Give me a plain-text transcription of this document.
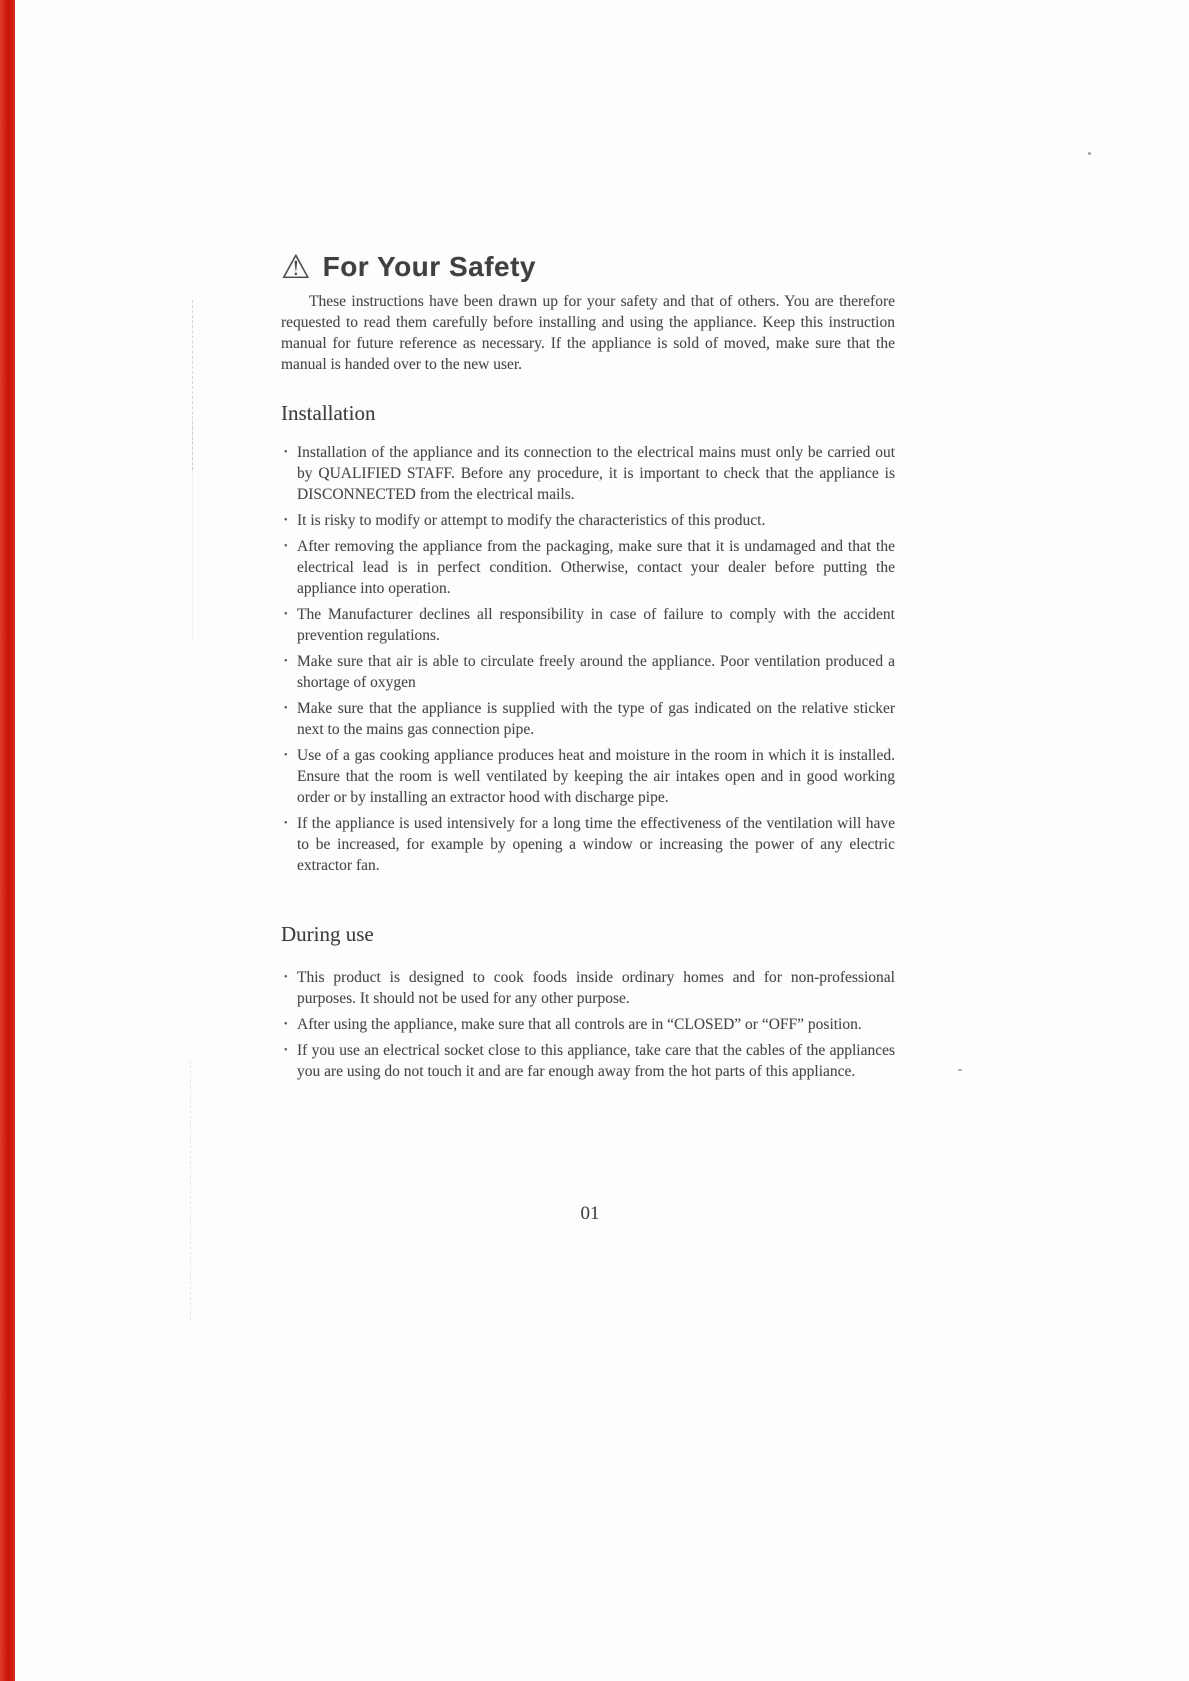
⚠ For Your Safety

These instructions have been drawn up for your safety and that of others. You are therefore requested to read them carefully before installing and using the appliance. Keep this instruction manual for future reference as necessary. If the appliance is sold of moved, make sure that the manual is handed over to the new user.

Installation
• Installation of the appliance and its connection to the electrical mains must only be carried out by QUALIFIED STAFF. Before any procedure, it is important to check that the appliance is DISCONNECTED from the electrical mails.
• It is risky to modify or attempt to modify the characteristics of this product.
• After removing the appliance from the packaging, make sure that it is undamaged and that the electrical lead is in perfect condition. Otherwise, contact your dealer before putting the appliance into operation.
• The Manufacturer declines all responsibility in case of failure to comply with the accident prevention regulations.
• Make sure that air is able to circulate freely around the appliance. Poor ventilation produced a shortage of oxygen
• Make sure that the appliance is supplied with the type of gas indicated on the relative sticker next to the mains gas connection pipe.
• Use of a gas cooking appliance produces heat and moisture in the room in which it is installed. Ensure that the room is well ventilated by keeping the air intakes open and in good working order or by installing an extractor hood with discharge pipe.
• If the appliance is used intensively for a long time the effectiveness of the ventilation will have to be increased, for example by opening a window or increasing the power of any electric extractor fan.
During use
• This product is designed to cook foods inside ordinary homes and for non-professional purposes. It should not be used for any other purpose.
• After using the appliance, make sure that all controls are in “CLOSED” or “OFF” position.
• If you use an electrical socket close to this appliance, take care that the cables of the appliances you are using do not touch it and are far enough away from the hot parts of this appliance.
01
